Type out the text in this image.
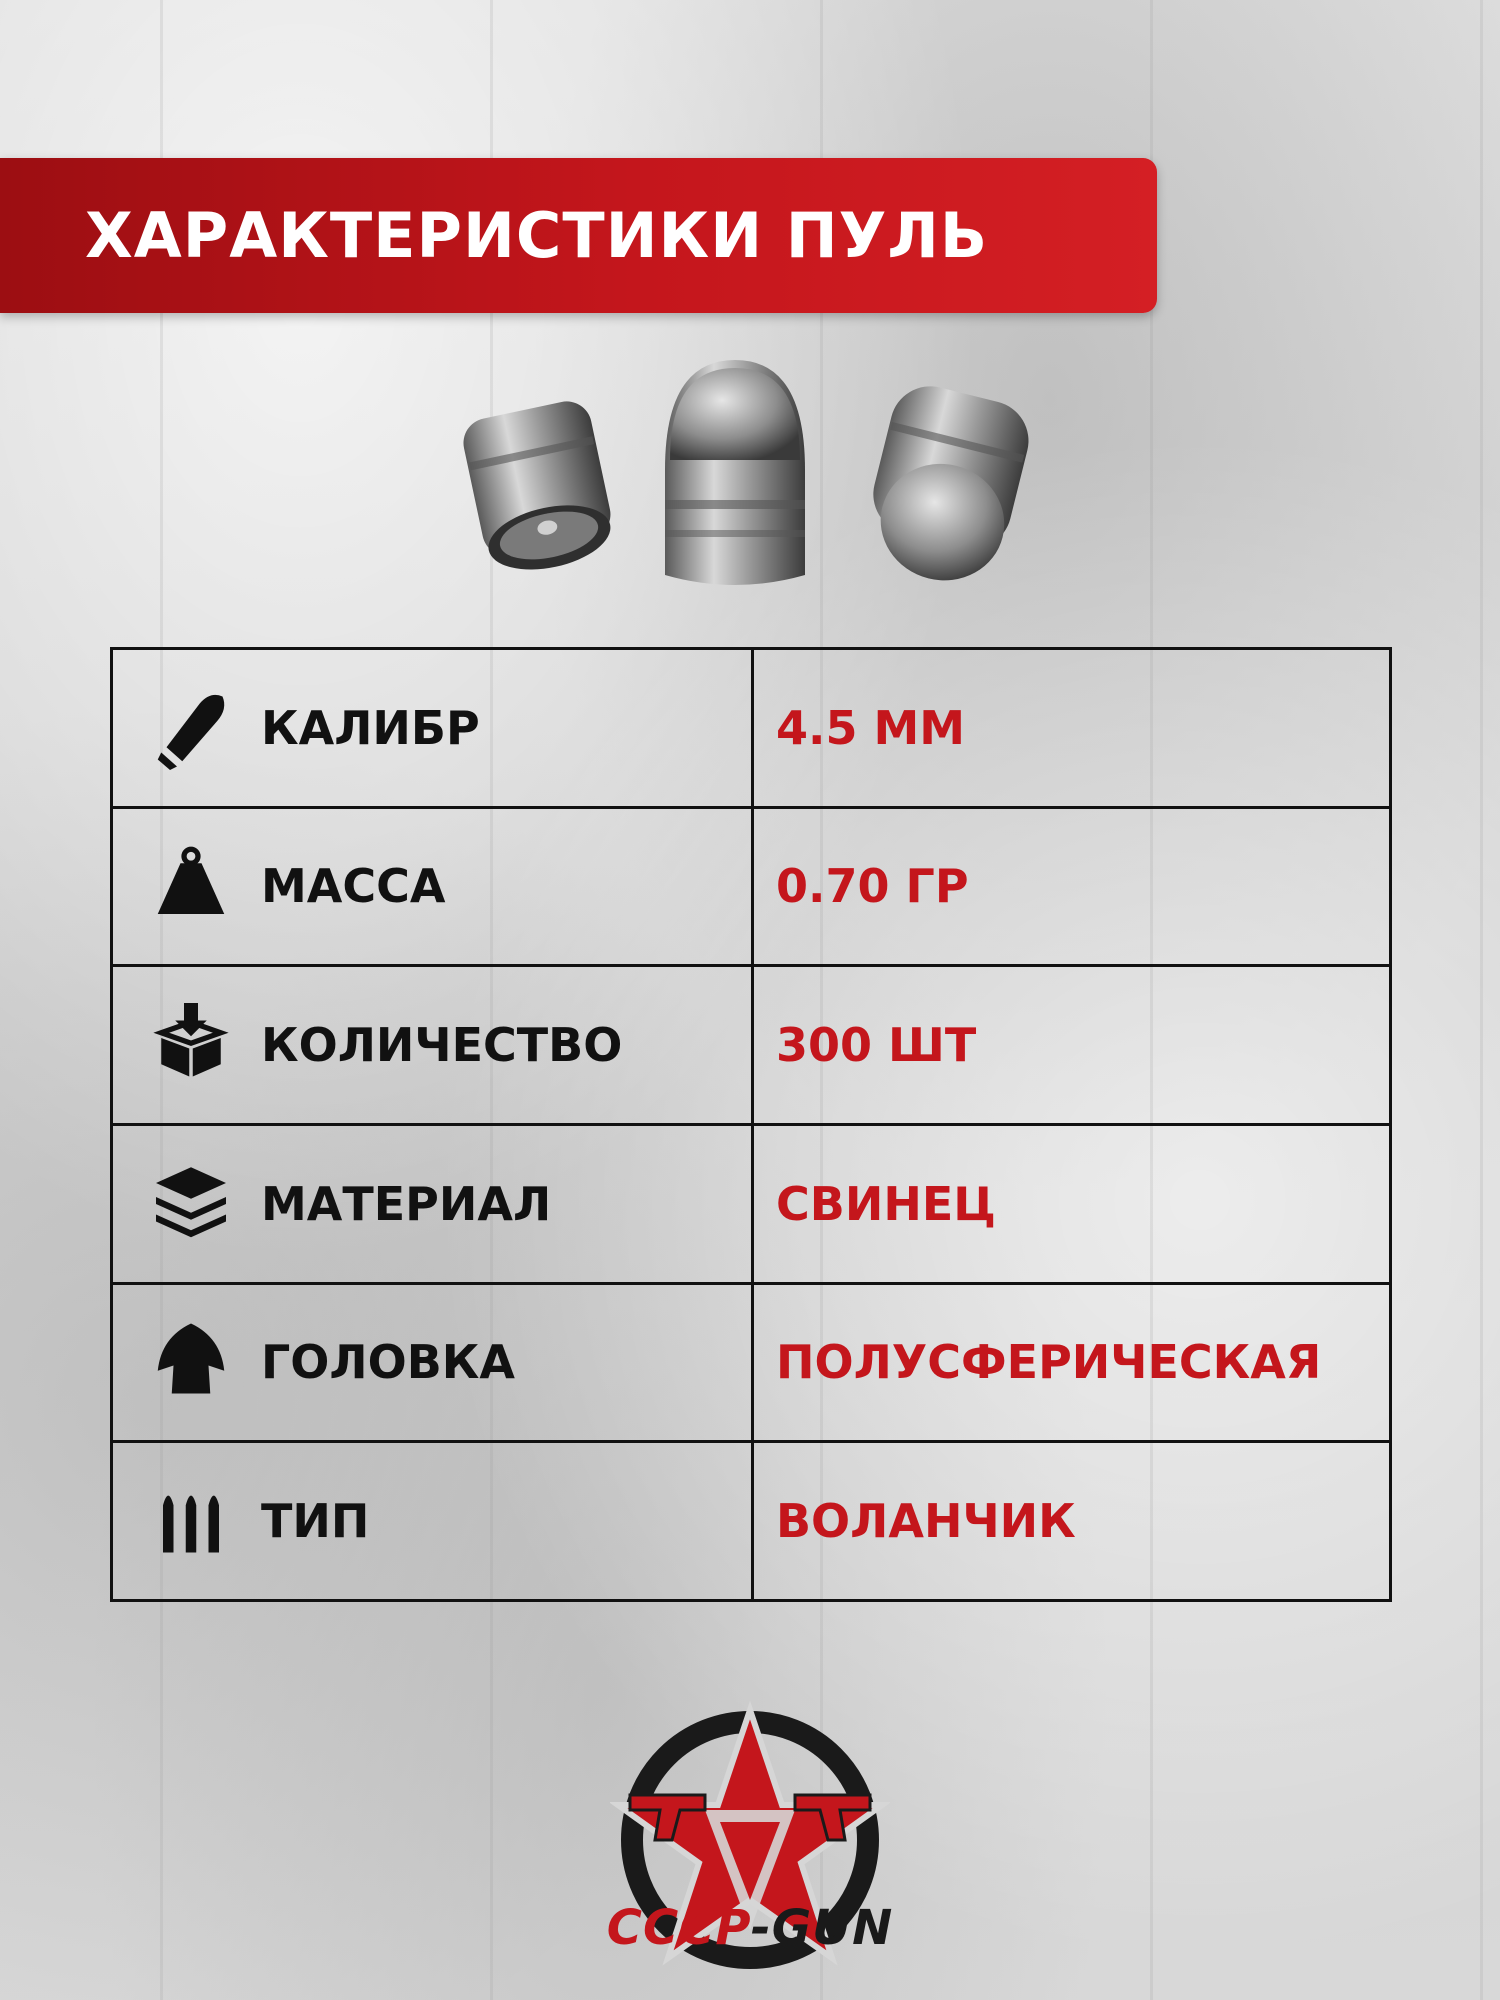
ХАРАКТЕРИСТИКИ ПУЛЬ
КАЛИБР	4.5 ММ

МАССА	0.70 ГР

КОЛИЧЕСТВО	300 ШТ

МАТЕРИАЛ	СВИНЕЦ

ГОЛОВКА	ПОЛУСФЕРИЧЕСКАЯ

ТИП	ВОЛАНЧИК
CCCP-GUN
